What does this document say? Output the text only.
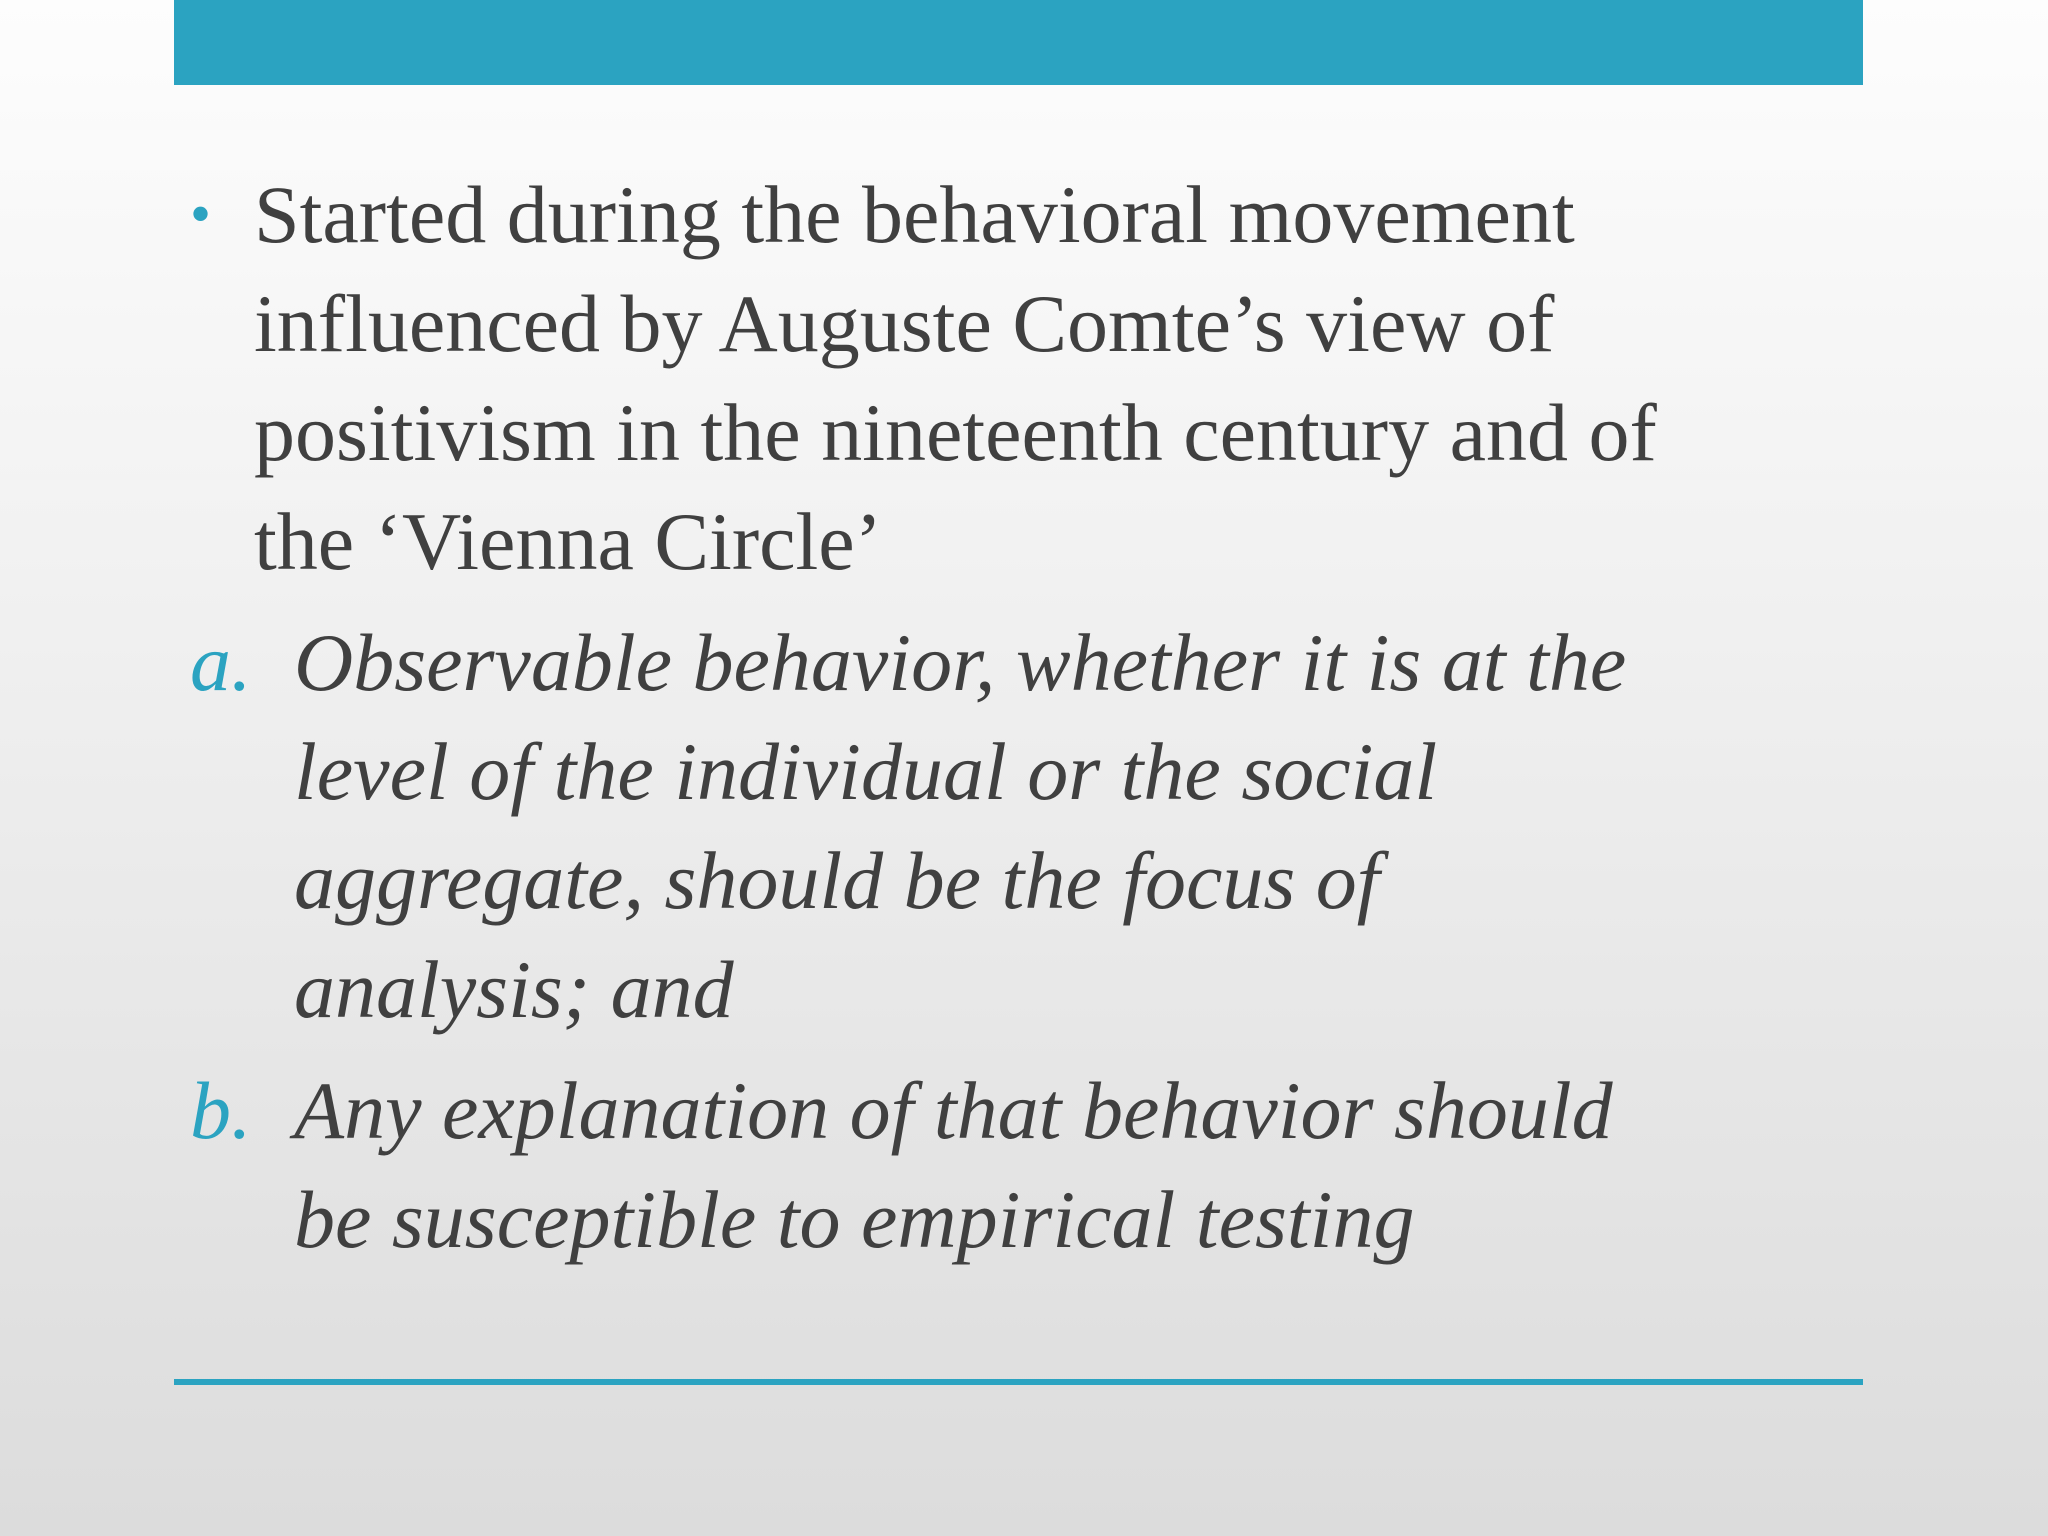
• Started during the behavioral movement
influenced by Auguste Comte’s view of
positivism in the nineteenth century and of
the ‘Vienna Circle’
a. Observable behavior, whether it is at the
level of the individual or the social
aggregate, should be the focus of
analysis; and
b. Any explanation of that behavior should
be susceptible to empirical testing
